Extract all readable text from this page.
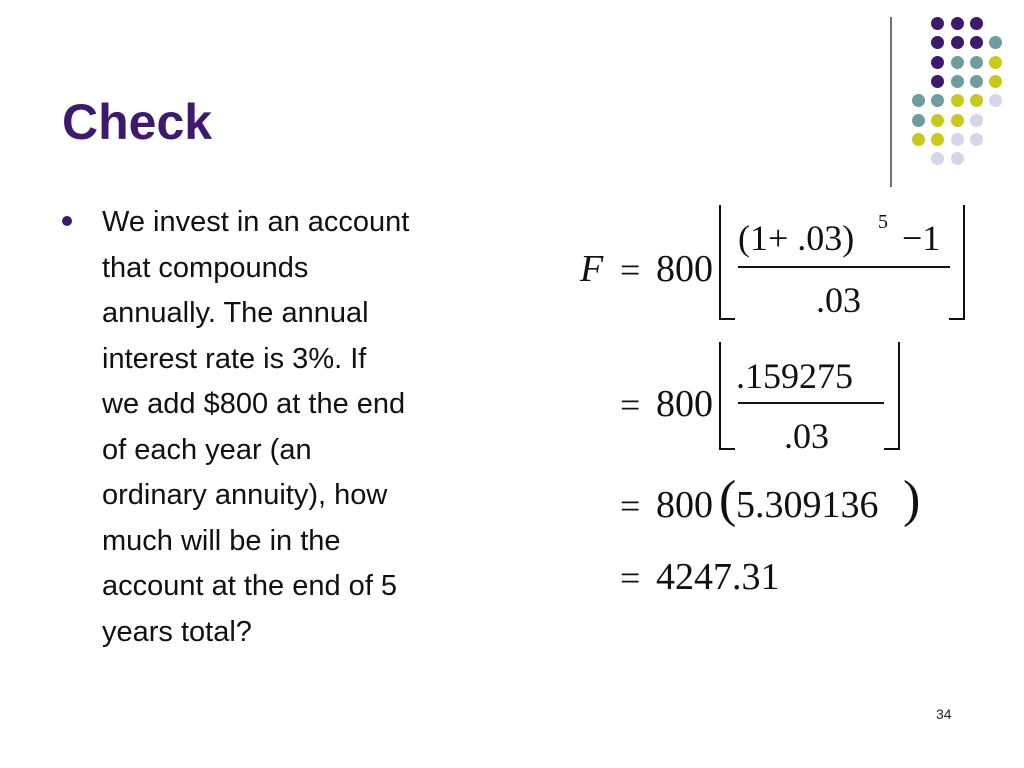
Check
We invest in an account
that compounds
annually. The annual
interest rate is 3%. If
we add $800 at the end
of each year (an
ordinary annuity), how
much will be in the
account at the end of 5
years total?
F = 800
(1+ .03) 5 −1
.03
= 800
.159275
.03
= 800 ( 5.309136 )
= 4247.31
34
